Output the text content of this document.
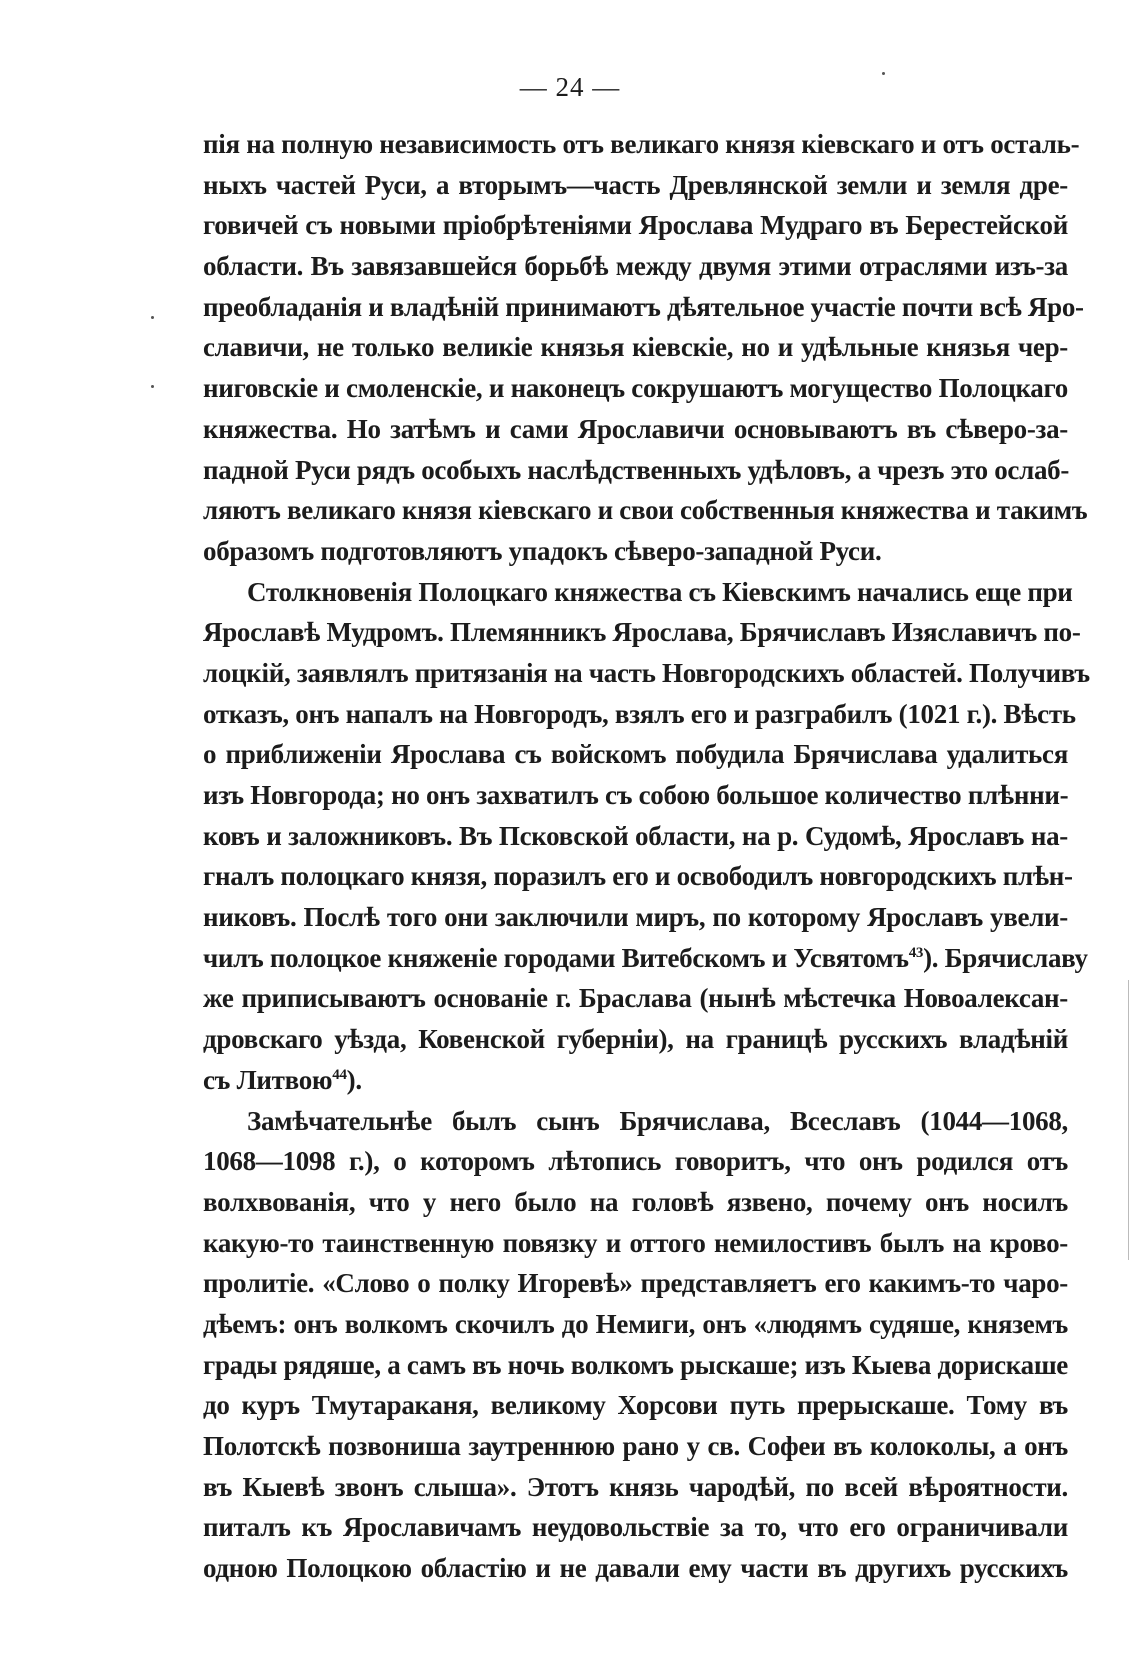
— 24 —

пія на полную независимость отъ великаго князя кіевскаго и отъ осталь-
ныхъ частей Руси, а вторымъ—часть Древлянской земли и земля дре-
говичей съ новыми пріобрѣтеніями Ярослава Мудраго въ Берестейской
области. Въ завязавшейся борьбѣ между двумя этими отраслями изъ-за
преобладанія и владѣній принимаютъ дѣятельное участіе почти всѣ Яро-
славичи, не только великіе князья кіевскіе, но и удѣльные князья чер-
ниговскіе и смоленскіе, и наконецъ сокрушаютъ могущество Полоцкаго
княжества. Но затѣмъ и сами Ярославичи основываютъ въ сѣверо-за-
падной Руси рядъ особыхъ наслѣдственныхъ удѣловъ, а чрезъ это ослаб-
ляютъ великаго князя кіевскаго и свои собственныя княжества и такимъ
образомъ подготовляютъ упадокъ сѣверо-западной Руси.
Столкновенія Полоцкаго княжества съ Кіевскимъ начались еще при
Ярославѣ Мудромъ. Племянникъ Ярослава, Брячиславъ Изяславичъ по-
лоцкій, заявлялъ притязанія на часть Новгородскихъ областей. Получивъ
отказъ, онъ напалъ на Новгородъ, взялъ его и разграбилъ (1021 г.). Вѣсть
о приближеніи Ярослава съ войскомъ побудила Брячислава удалиться
изъ Новгорода; но онъ захватилъ съ собою большое количество плѣнни-
ковъ и заложниковъ. Въ Псковской области, на р. Судомѣ, Ярославъ на-
гналъ полоцкаго князя, поразилъ его и освободилъ новгородскихъ плѣн-
никовъ. Послѣ того они заключили миръ, по которому Ярославъ увели-
чилъ полоцкое княженіе городами Витебскомъ и Усвятомъ$^{43}$). Брячиславу
же приписываютъ основаніе г. Браслава (нынѣ мѣстечка Новоалексан-
дровскаго уѣзда, Ковенской губерніи), на границѣ русскихъ владѣній
съ Литвою$^{44}$).
Замѣчательнѣе былъ сынъ Брячислава, Всеславъ (1044—1068,
1068—1098 г.), о которомъ лѣтопись говоритъ, что онъ родился отъ
волхвованія, что у него было на головѣ язвено, почему онъ носилъ
какую-то таинственную повязку и оттого немилостивъ былъ на крово-
пролитіе. «Слово о полку Игоревѣ» представляетъ его какимъ-то чаро-
дѣемъ: онъ волкомъ скочилъ до Немиги, онъ «людямъ судяше, княземъ
грады рядяше, а самъ въ ночь волкомъ рыскаше; изъ Кыева дорискаше
до куръ Тмутараканя, великому Хорсови путь прерыскаше. Тому въ
Полотскѣ позвониша заутреннюю рано у св. Софеи въ колоколы, а онъ
въ Кыевѣ звонъ слыша». Этотъ князь чародѣй, по всей вѣроятности.
питалъ къ Ярославичамъ неудовольствіе за то, что его ограничивали
одною Полоцкою областію и не давали ему части въ другихъ русскихъ
